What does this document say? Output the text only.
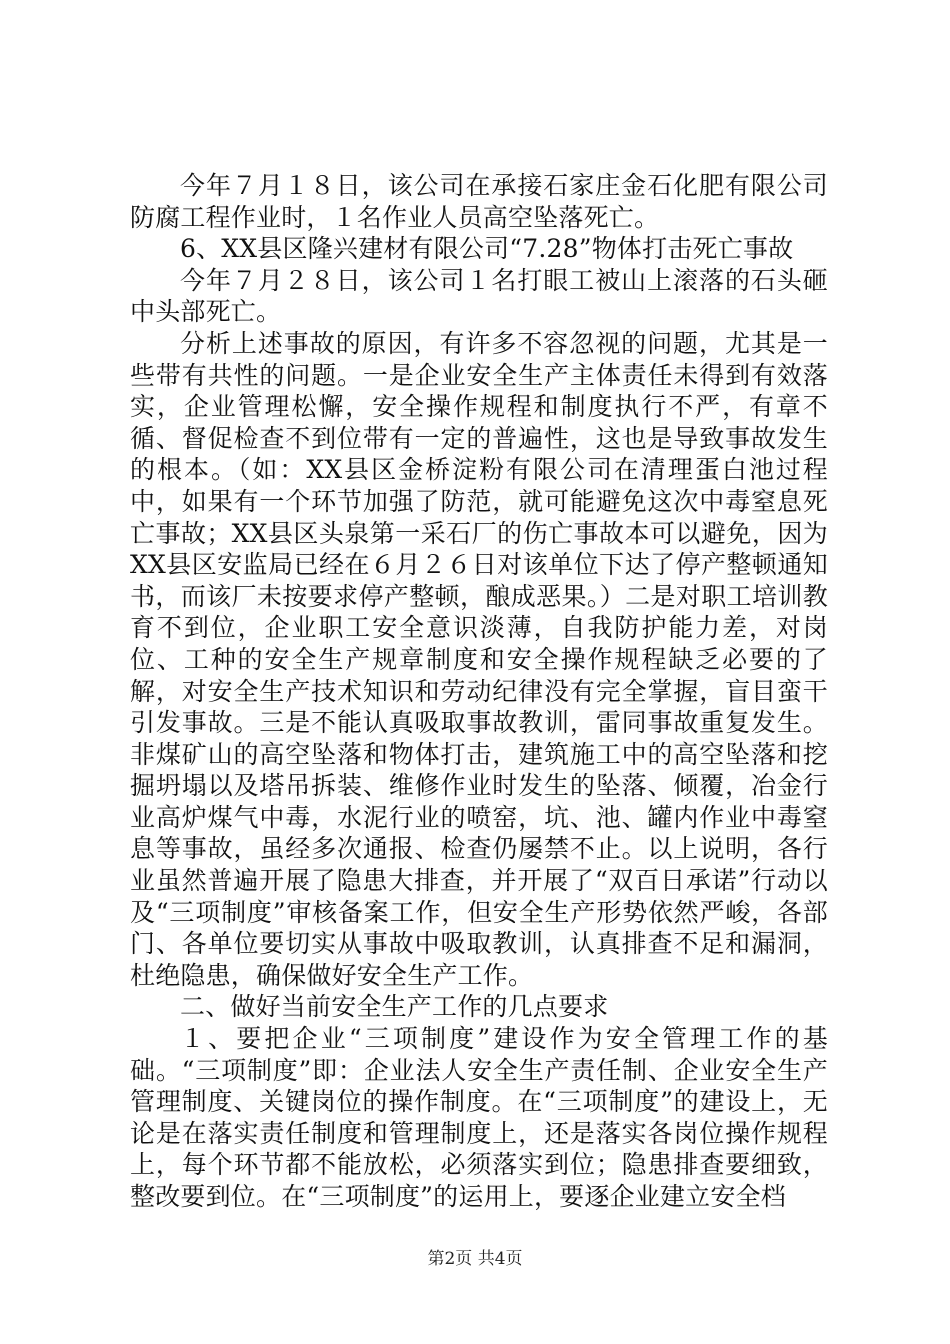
今年７月１８日，该公司在承接石家庄金石化肥有限公司防腐工程作业时，１名作业人员高空坠落死亡。

6、XX县区隆兴建材有限公司“7.28”物体打击死亡事故

今年７月２８日，该公司１名打眼工被山上滚落的石头砸中头部死亡。

分析上述事故的原因，有许多不容忽视的问题，尤其是一些带有共性的问题。一是企业安全生产主体责任未得到有效落实，企业管理松懈，安全操作规程和制度执行不严，有章不循、督促检查不到位带有一定的普遍性，这也是导致事故发生的根本。（如：XX县区金桥淀粉有限公司在清理蛋白池过程中，如果有一个环节加强了防范，就可能避免这次中毒窒息死亡事故；XX县区头泉第一采石厂的伤亡事故本可以避免，因为XX县区安监局已经在６月２６日对该单位下达了停产整顿通知书，而该厂未按要求停产整顿，酿成恶果。）二是对职工培训教育不到位，企业职工安全意识淡薄，自我防护能力差，对岗位、工种的安全生产规章制度和安全操作规程缺乏必要的了解，对安全生产技术知识和劳动纪律没有完全掌握，盲目蛮干引发事故。三是不能认真吸取事故教训，雷同事故重复发生。非煤矿山的高空坠落和物体打击，建筑施工中的高空坠落和挖掘坍塌以及塔吊拆装、维修作业时发生的坠落、倾覆，冶金行业高炉煤气中毒，水泥行业的喷窑，坑、池、罐内作业中毒窒息等事故，虽经多次通报、检查仍屡禁不止。以上说明，各行业虽然普遍开展了隐患大排查，并开展了“双百日承诺”行动以及“三项制度”审核备案工作，但安全生产形势依然严峻，各部门、各单位要切实从事故中吸取教训，认真排查不足和漏洞，杜绝隐患，确保做好安全生产工作。

二、做好当前安全生产工作的几点要求

１、要把企业“三项制度”建设作为安全管理工作的基础。“三项制度”即：企业法人安全生产责任制、企业安全生产管理制度、关键岗位的操作制度。在“三项制度”的建设上，无论是在落实责任制度和管理制度上，还是落实各岗位操作规程上，每个环节都不能放松，必须落实到位；隐患排查要细致，整改要到位。在“三项制度”的运用上，要逐企业建立安全档

第2页 共4页
